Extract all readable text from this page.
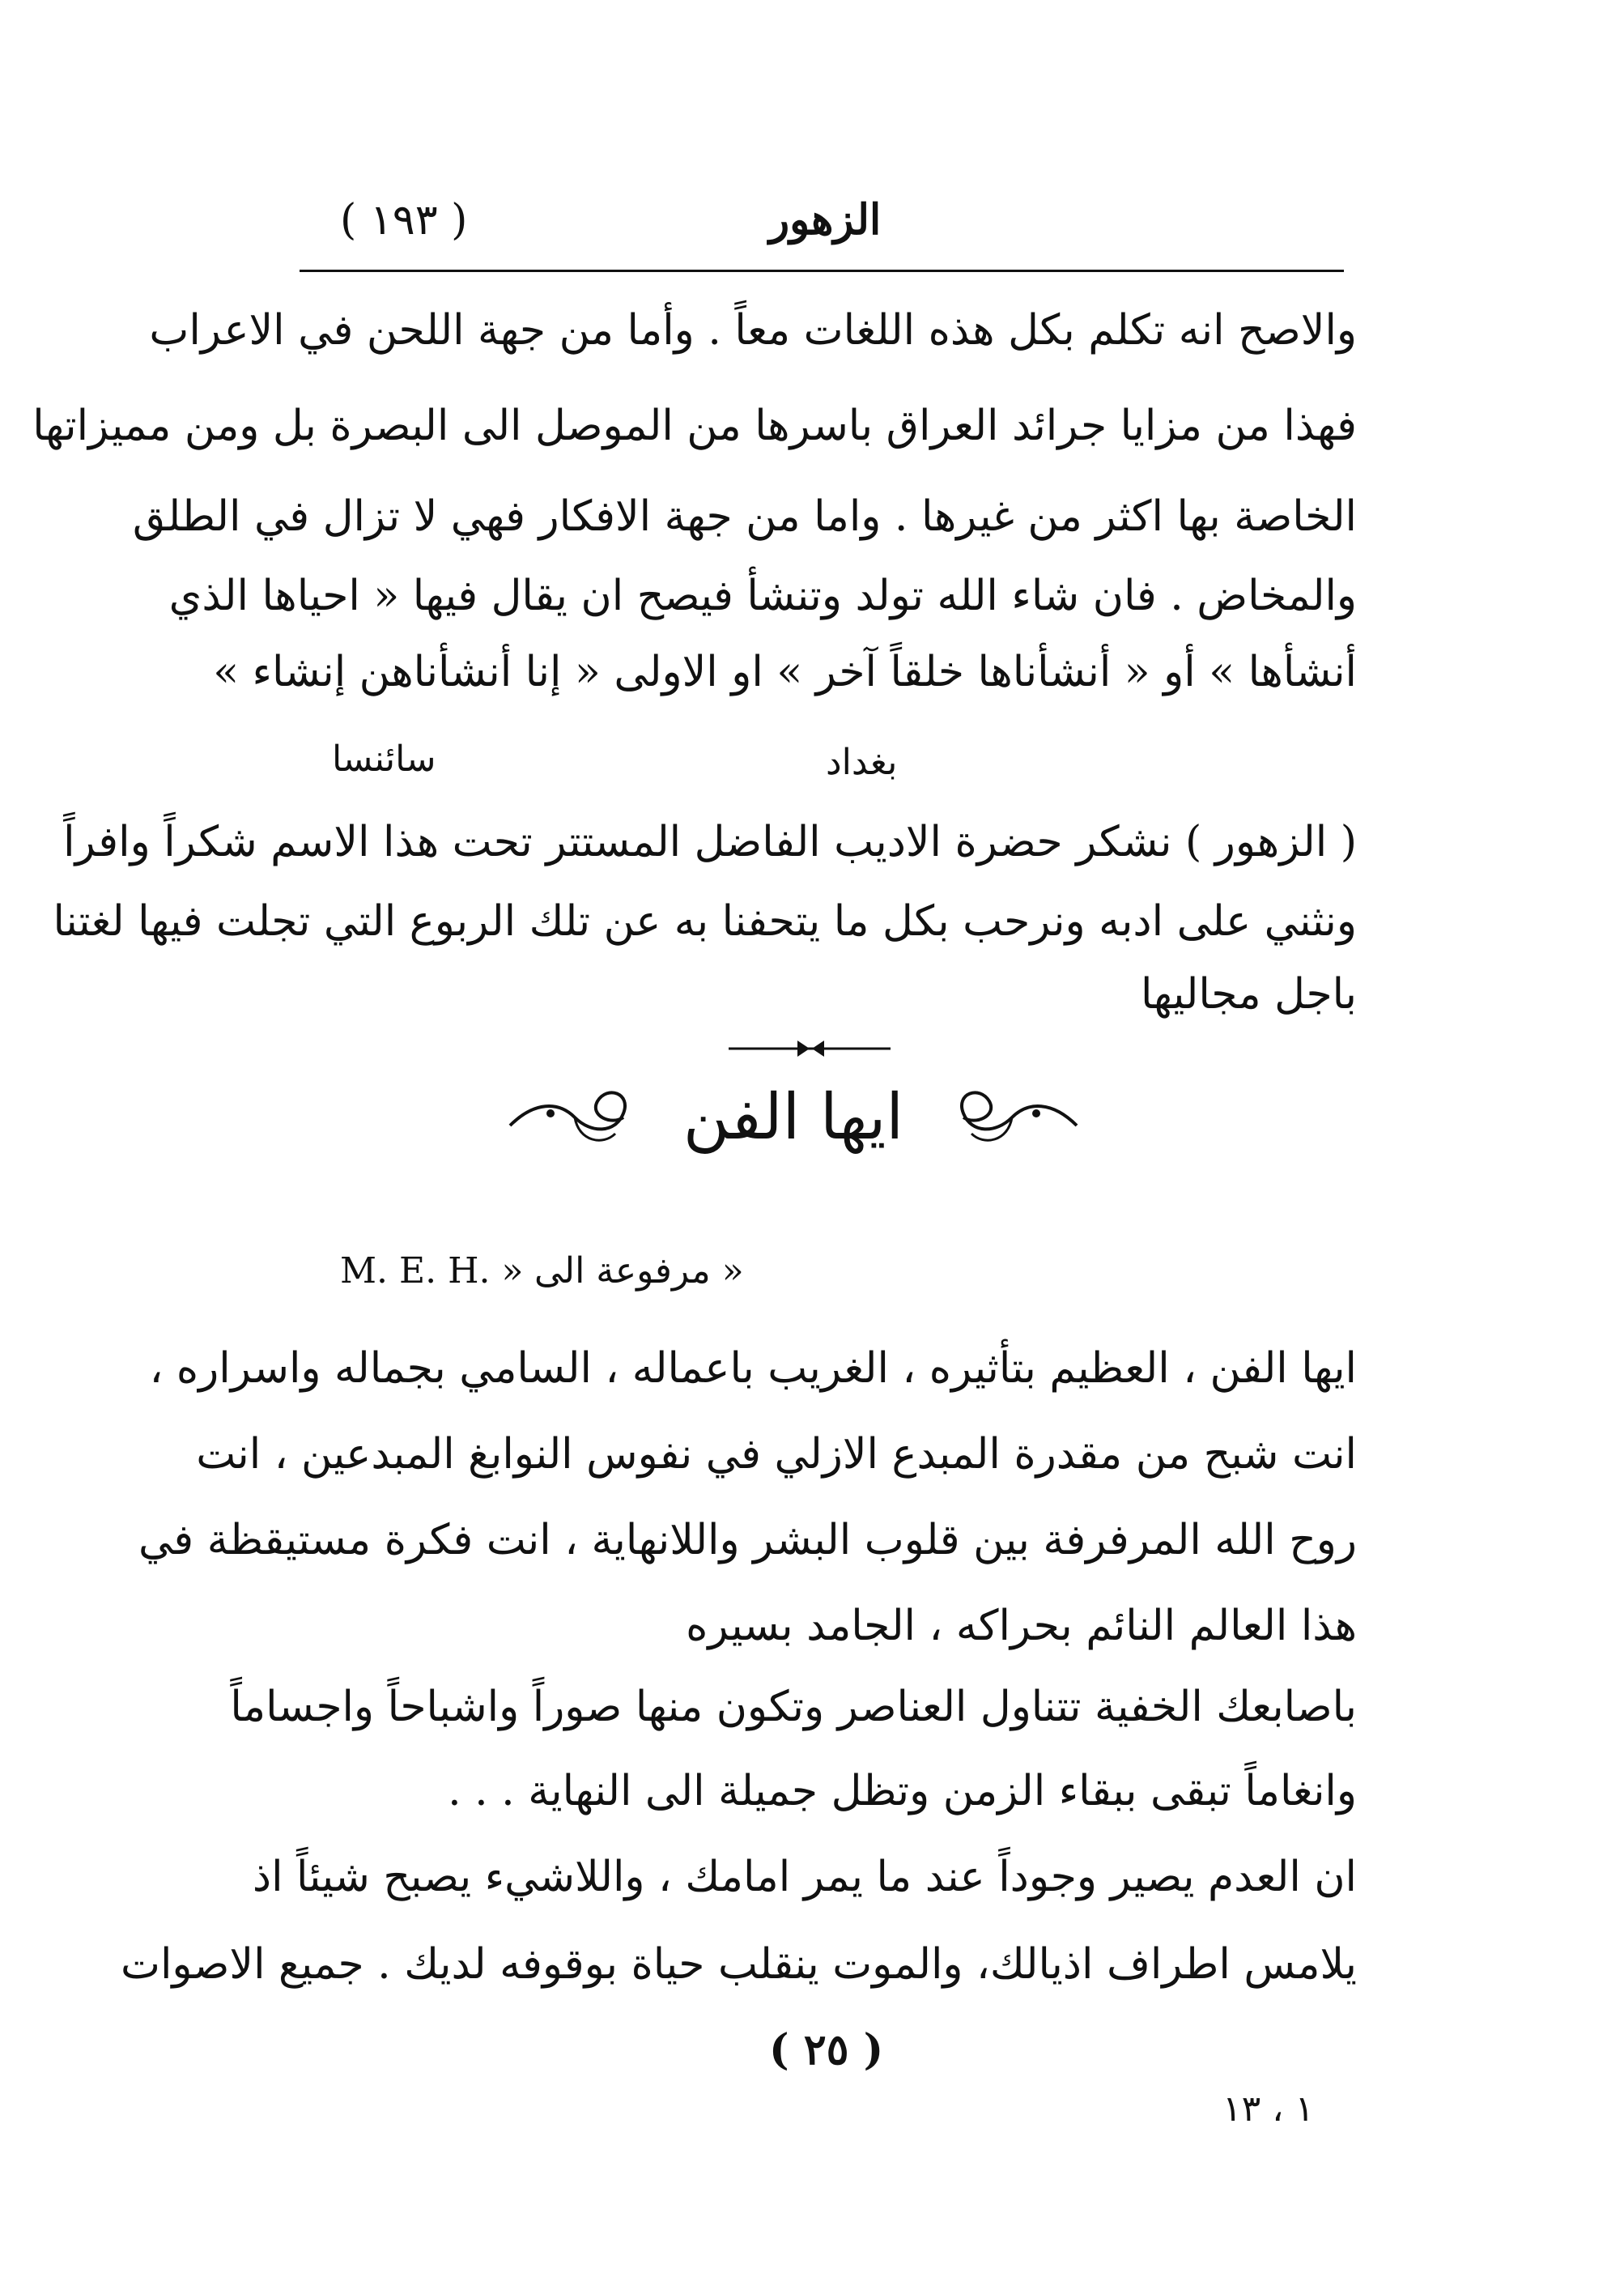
( ١٩٣ )	الزهور
والاصح انه تكلم بكل هذه اللغات معاً . وأما من جهة اللحن في الاعراب
فهذا من مزايا جرائد العراق باسرها من الموصل الى البصرة بل ومن مميزاتها
الخاصة بها اكثر من غيرها . واما من جهة الافكار فهي لا تزال في الطلق
والمخاض . فان شاء الله تولد وتنشأ فيصح ان يقال فيها « احياها الذي
أنشأها » أو « أنشأناها خلقاً آخر » او الاولى « إنا أنشأناهن إنشاء »
بغداد
سائنسا
( الزهور ) نشكر حضرة الاديب الفاضل المستتر تحت هذا الاسم شكراً وافراً
ونثني على ادبه ونرحب بكل ما يتحفنا به عن تلك الربوع التي تجلت فيها لغتنا
باجل مجاليها
ايها الفن
M. E. H. » « مرفوعة الى
ايها الفن ، العظيم بتأثيره ، الغريب باعماله ، السامي بجماله واسراره ،
انت شبح من مقدرة المبدع الازلي في نفوس النوابغ المبدعين ، انت
روح الله المرفرفة بين قلوب البشر واللانهاية ، انت فكرة مستيقظة في
هذا العالم النائم بحراكه ، الجامد بسيره
باصابعك الخفية تتناول العناصر وتكون منها صوراً واشباحاً واجساماً
وانغاماً تبقى ببقاء الزمن وتظل جميلة الى النهاية . . .
ان العدم يصير وجوداً عند ما يمر امامك ، واللاشيء يصبح شيئاً اذ
يلامس اطراف اذيالك، والموت ينقلب حياة بوقوفه لديك . جميع الاصوات
( ٢٥ )
١ ، ١٣
